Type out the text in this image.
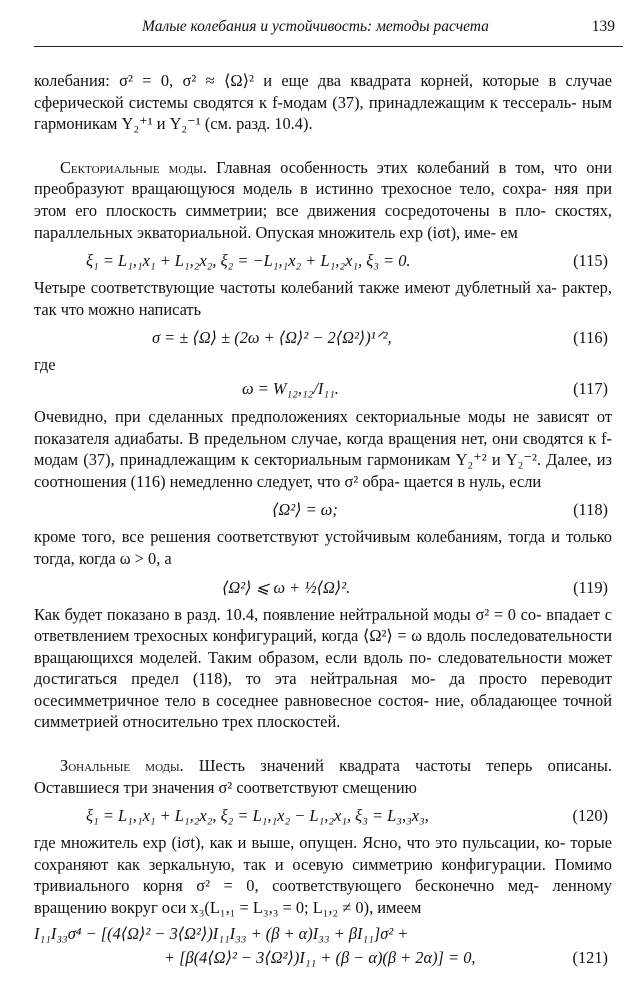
Малые колебания и устойчивость: методы расчета	139

колебания: σ² = 0, σ² ≈ ⟨Ω⟩² и еще два квадрата корней, которые в случае сферической системы сводятся к f-модам (37), принадлежащим к тессераль- ным гармоникам Y₂⁺¹ и Y₂⁻¹ (см. разд. 10.4).

Секториальные моды. Главная особенность этих колебаний в том, что они преобразуют вращающуюся модель в истинно трехосное тело, сохра- няя при этом его плоскость симметрии; все движения сосредоточены в пло- скостях, параллельных экваториальной. Опуская множитель exp (iσt), име- ем

ξ₁ = L₁,₁x₁ + L₁,₂x₂, ξ₂ = −L₁,₁x₂ + L₁,₂x₁, ξ₃ = 0.	(115)

Четыре соответствующие частоты колебаний также имеют дублетный ха- рактер, так что можно написать

σ = ± ⟨Ω⟩ ± (2ω + ⟨Ω⟩² − 2⟨Ω²⟩)¹ᐟ²,	(116)

где

ω = W₁₂,₁₂/I₁₁.	(117)

Очевидно, при сделанных предположениях секториальные моды не зависят от показателя адиабаты. В предельном случае, когда вращения нет, они сводятся к f-модам (37), принадлежащим к секториальным гармоникам Y₂⁺² и Y₂⁻². Далее, из соотношения (116) немедленно следует, что σ² обра- щается в нуль, если

⟨Ω²⟩ = ω;	(118)

кроме того, все решения соответствуют устойчивым колебаниям, тогда и только тогда, когда ω > 0, а

⟨Ω²⟩ ⩽ ω + ½⟨Ω⟩².	(119)

Как будет показано в разд. 10.4, появление нейтральной моды σ² = 0 со- впадает с ответвлением трехосных конфигураций, когда ⟨Ω²⟩ = ω вдоль последовательности вращающихся моделей. Таким образом, если вдоль по- следовательности может достигаться предел (118), то эта нейтральная мо- да просто переводит осесимметричное тело в соседнее равновесное состоя- ние, обладающее точной симметрией относительно трех плоскостей.

Зональные моды. Шесть значений квадрата частоты теперь описаны. Оставшиеся три значения σ² соответствуют смещению

ξ₁ = L₁,₁x₁ + L₁,₂x₂, ξ₂ = L₁,₁x₂ − L₁,₂x₁, ξ₃ = L₃,₃x₃,	(120)

где множитель exp (iσt), как и выше, опущен. Ясно, что это пульсации, ко- торые сохраняют как зеркальную, так и осевую симметрию конфигурации. Помимо тривиального корня σ² = 0, соответствующего бесконечно мед- ленному вращению вокруг оси x₃(L₁,₁ = L₃,₃ = 0; L₁,₂ ≠ 0), имеем

I₁₁I₃₃σ⁴ − [(4⟨Ω⟩² − 3⟨Ω²⟩)I₁₁I₃₃ + (β + α)I₃₃ + βI₁₁]σ² +
+ [β(4⟨Ω⟩² − 3⟨Ω²⟩)I₁₁ + (β − α)(β + 2α)] = 0,	(121)
